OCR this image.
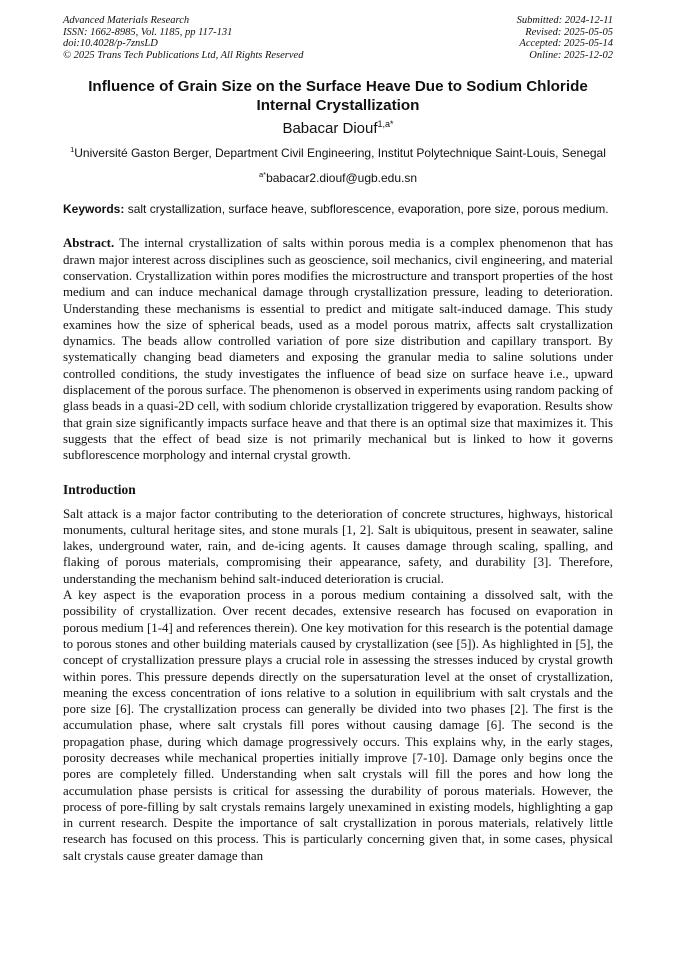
Advanced Materials Research
ISSN: 1662-8985, Vol. 1185, pp 117-131
doi:10.4028/p-7znsLD
© 2025 Trans Tech Publications Ltd, All Rights Reserved
Submitted: 2024-12-11
Revised: 2025-05-05
Accepted: 2025-05-14
Online: 2025-12-02
Influence of Grain Size on the Surface Heave Due to Sodium Chloride Internal Crystallization
Babacar Diouf$^{1,a*}$
$^1$Université Gaston Berger, Department Civil Engineering, Institut Polytechnique Saint-Louis, Senegal
$^{a*}$babacar2.diouf@ugb.edu.sn
Keywords: salt crystallization, surface heave, subflorescence, evaporation, pore size, porous medium.
Abstract. The internal crystallization of salts within porous media is a complex phenomenon that has drawn major interest across disciplines such as geoscience, soil mechanics, civil engineering, and material conservation. Crystallization within pores modifies the microstructure and transport properties of the host medium and can induce mechanical damage through crystallization pressure, leading to deterioration. Understanding these mechanisms is essential to predict and mitigate salt-induced damage. This study examines how the size of spherical beads, used as a model porous matrix, affects salt crystallization dynamics. The beads allow controlled variation of pore size distribution and capillary transport. By systematically changing bead diameters and exposing the granular media to saline solutions under controlled conditions, the study investigates the influence of bead size on surface heave i.e., upward displacement of the porous surface. The phenomenon is observed in experiments using random packing of glass beads in a quasi-2D cell, with sodium chloride crystallization triggered by evaporation. Results show that grain size significantly impacts surface heave and that there is an optimal size that maximizes it. This suggests that the effect of bead size is not primarily mechanical but is linked to how it governs subflorescence morphology and internal crystal growth.
Introduction
Salt attack is a major factor contributing to the deterioration of concrete structures, highways, historical monuments, cultural heritage sites, and stone murals [1, 2]. Salt is ubiquitous, present in seawater, saline lakes, underground water, rain, and de-icing agents. It causes damage through scaling, spalling, and flaking of porous materials, compromising their appearance, safety, and durability [3]. Therefore, understanding the mechanism behind salt-induced deterioration is crucial.
A key aspect is the evaporation process in a porous medium containing a dissolved salt, with the possibility of crystallization. Over recent decades, extensive research has focused on evaporation in porous medium [1-4] and references therein). One key motivation for this research is the potential damage to porous stones and other building materials caused by crystallization (see [5]). As highlighted in [5], the concept of crystallization pressure plays a crucial role in assessing the stresses induced by crystal growth within pores. This pressure depends directly on the supersaturation level at the onset of crystallization, meaning the excess concentration of ions relative to a solution in equilibrium with salt crystals and the pore size [6]. The crystallization process can generally be divided into two phases [2]. The first is the accumulation phase, where salt crystals fill pores without causing damage [6]. The second is the propagation phase, during which damage progressively occurs. This explains why, in the early stages, porosity decreases while mechanical properties initially improve [7-10]. Damage only begins once the pores are completely filled. Understanding when salt crystals will fill the pores and how long the accumulation phase persists is critical for assessing the durability of porous materials. However, the process of pore-filling by salt crystals remains largely unexamined in existing models, highlighting a gap in current research. Despite the importance of salt crystallization in porous materials, relatively little research has focused on this process. This is particularly concerning given that, in some cases, physical salt crystals cause greater damage than
